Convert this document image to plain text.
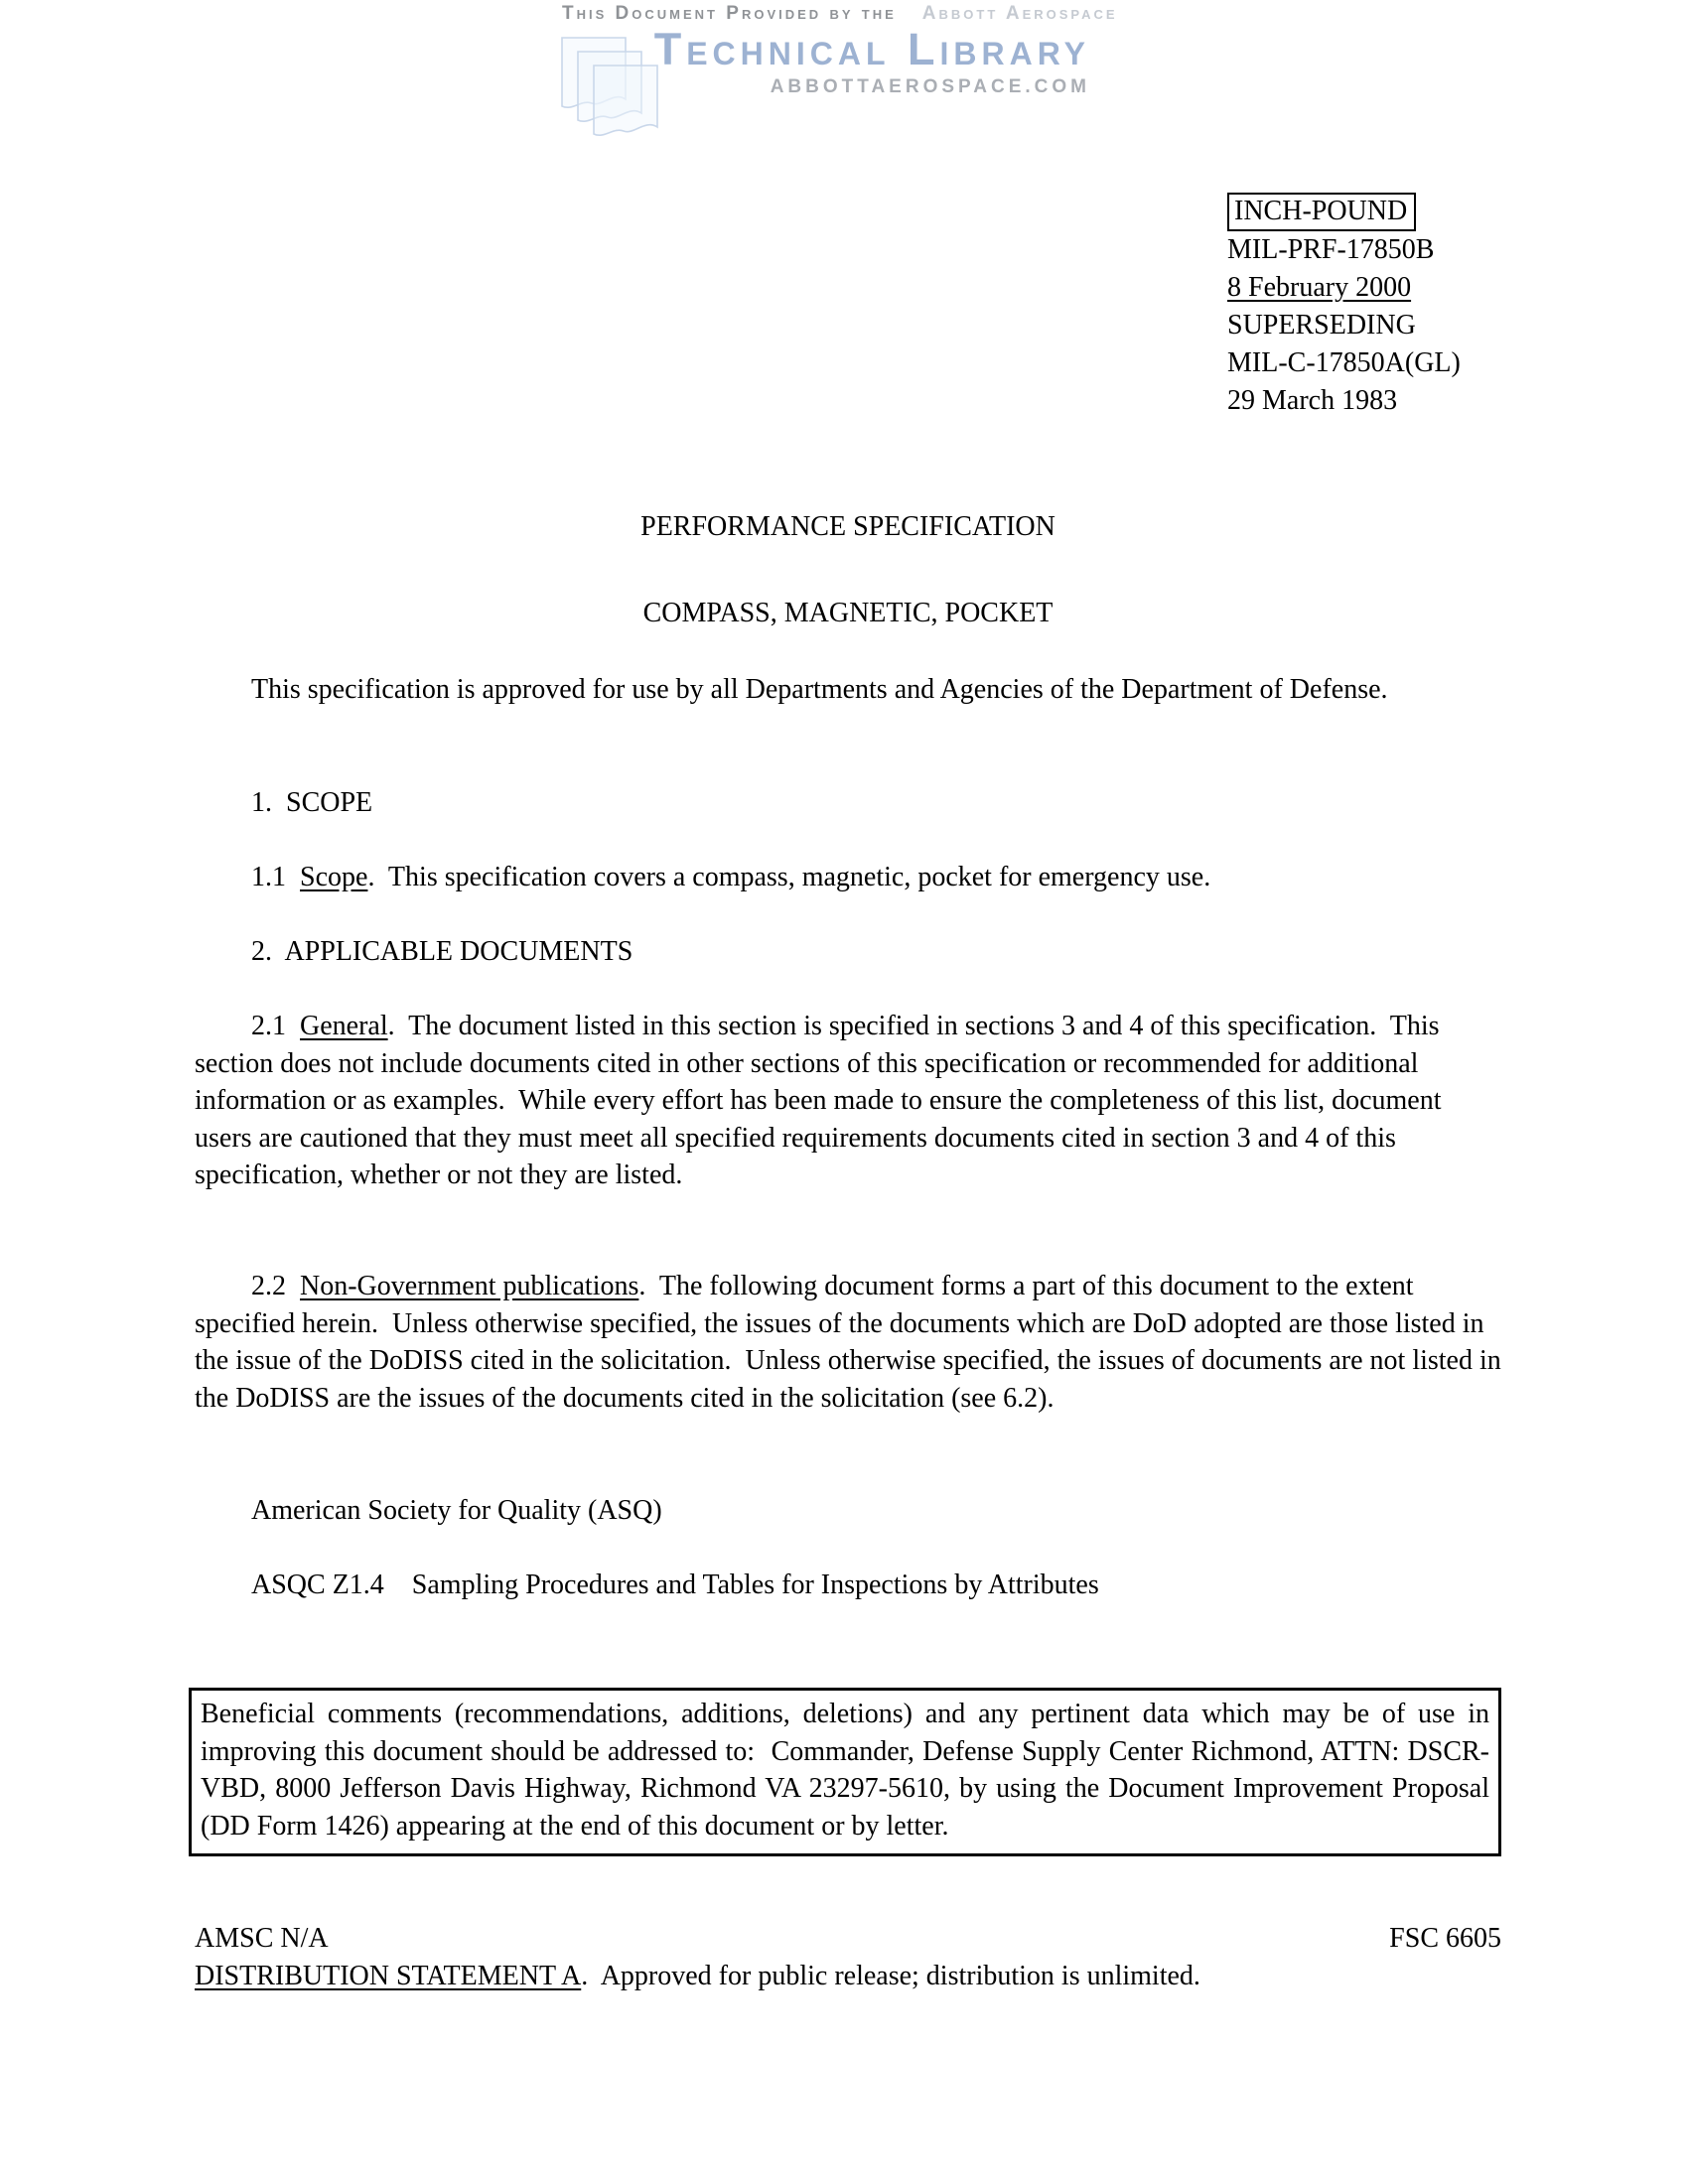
This Document Provided by the Abbott Aerospace
Technical Library
ABBOTTAEROSPACE.COM
INCH-POUND
MIL-PRF-17850B
8 February 2000
SUPERSEDING
MIL-C-17850A(GL)
29 March 1983
PERFORMANCE SPECIFICATION
COMPASS, MAGNETIC, POCKET
This specification is approved for use by all Departments and Agencies of the Department of Defense.
1.  SCOPE
1.1  Scope.  This specification covers a compass, magnetic, pocket for emergency use.
2.  APPLICABLE DOCUMENTS
2.1  General.  The document listed in this section is specified in sections 3 and 4 of this specification.  This section does not include documents cited in other sections of this specification or recommended for additional information or as examples.  While every effort has been made to ensure the completeness of this list, document users are cautioned that they must meet all specified requirements documents cited in section 3 and 4 of this specification, whether or not they are listed.
2.2  Non-Government publications.  The following document forms a part of this document to the extent specified herein.  Unless otherwise specified, the issues of the documents which are DoD adopted are those listed in the issue of the DoDISS cited in the solicitation.  Unless otherwise specified, the issues of documents are not listed in the DoDISS are the issues of the documents cited in the solicitation (see 6.2).
American Society for Quality (ASQ)
ASQC Z1.4    Sampling Procedures and Tables for Inspections by Attributes
Beneficial comments (recommendations, additions, deletions) and any pertinent data which may be of use in improving this document should be addressed to:  Commander, Defense Supply Center Richmond, ATTN: DSCR-VBD, 8000 Jefferson Davis Highway, Richmond VA 23297-5610, by using the Document Improvement Proposal (DD Form 1426) appearing at the end of this document or by letter.
AMSC N/A	FSC 6605
DISTRIBUTION STATEMENT A.  Approved for public release; distribution is unlimited.
